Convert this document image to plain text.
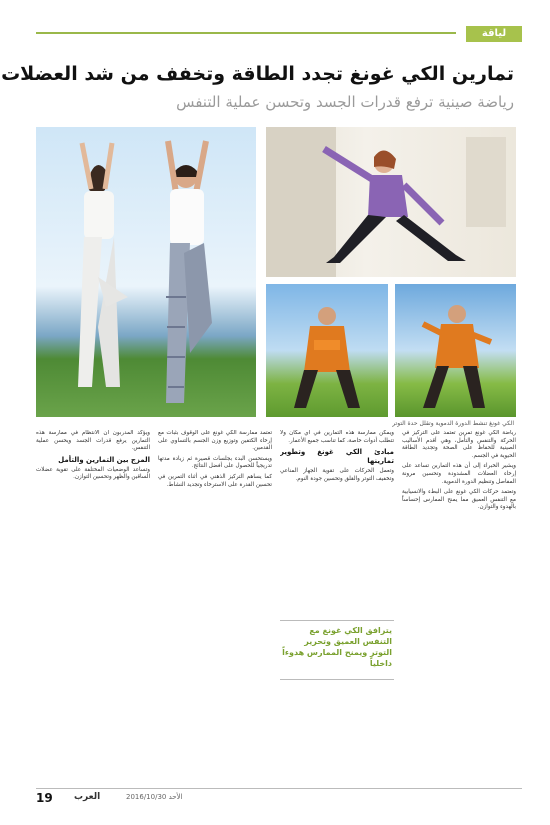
لياقة
تمارين الكي غونغ تجدد الطاقة وتخفف من شد العضلات
رياضة صينية ترفع قدرات الجسد وتحسن عملية التنفس
الكي غونغ تنشط الدورة الدموية وتقلل حدة التوتر

رياضة الكي غونغ تمرين تعتمد على التركيز في الحركة والتنفس والتأمل، وهي أقدم الأساليب الصينية للحفاظ على الصحة وتجديد الطاقة الحيوية في الجسم.

ويشير الخبراء إلى أن هذه التمارين تساعد على إرخاء العضلات المشدودة وتحسين مرونة المفاصل وتنظيم الدورة الدموية.

وتعتمد حركات الكي غونغ على البطء والانسيابية مع التنفس العميق مما يمنح الممارس إحساساً بالهدوء والتوازن.

ويمكن ممارسة هذه التمارين في أي مكان ولا تتطلب أدوات خاصة، كما تناسب جميع الأعمار.

مبادئ الكي غونغ وتطوير تمارينها

وتعمل الحركات على تقوية الجهاز المناعي وتخفيف التوتر والقلق وتحسين جودة النوم.

تعتمد ممارسة الكي غونغ على الوقوف بثبات مع إرخاء الكتفين وتوزيع وزن الجسم بالتساوي على القدمين.

ويستحسن البدء بجلسات قصيرة ثم زيادة مدتها تدريجياً للحصول على أفضل النتائج.

كما يساهم التركيز الذهني في أثناء التمرين في تحسين القدرة على الاسترخاء وتجديد النشاط.

ويؤكد المدربون أن الانتظام في ممارسة هذه التمارين يرفع قدرات الجسد ويحسن عملية التنفس.

المزج بين التمارين والتأمل

وتساعد الوضعيات المختلفة على تقوية عضلات الساقين والظهر وتحسين التوازن.

يترافق الكي غونغ مع التنفس العميق وتحرير التوتر ويمنح الممارس هدوءاً داخلياً
19 العرب	الأحد 2016/10/30
